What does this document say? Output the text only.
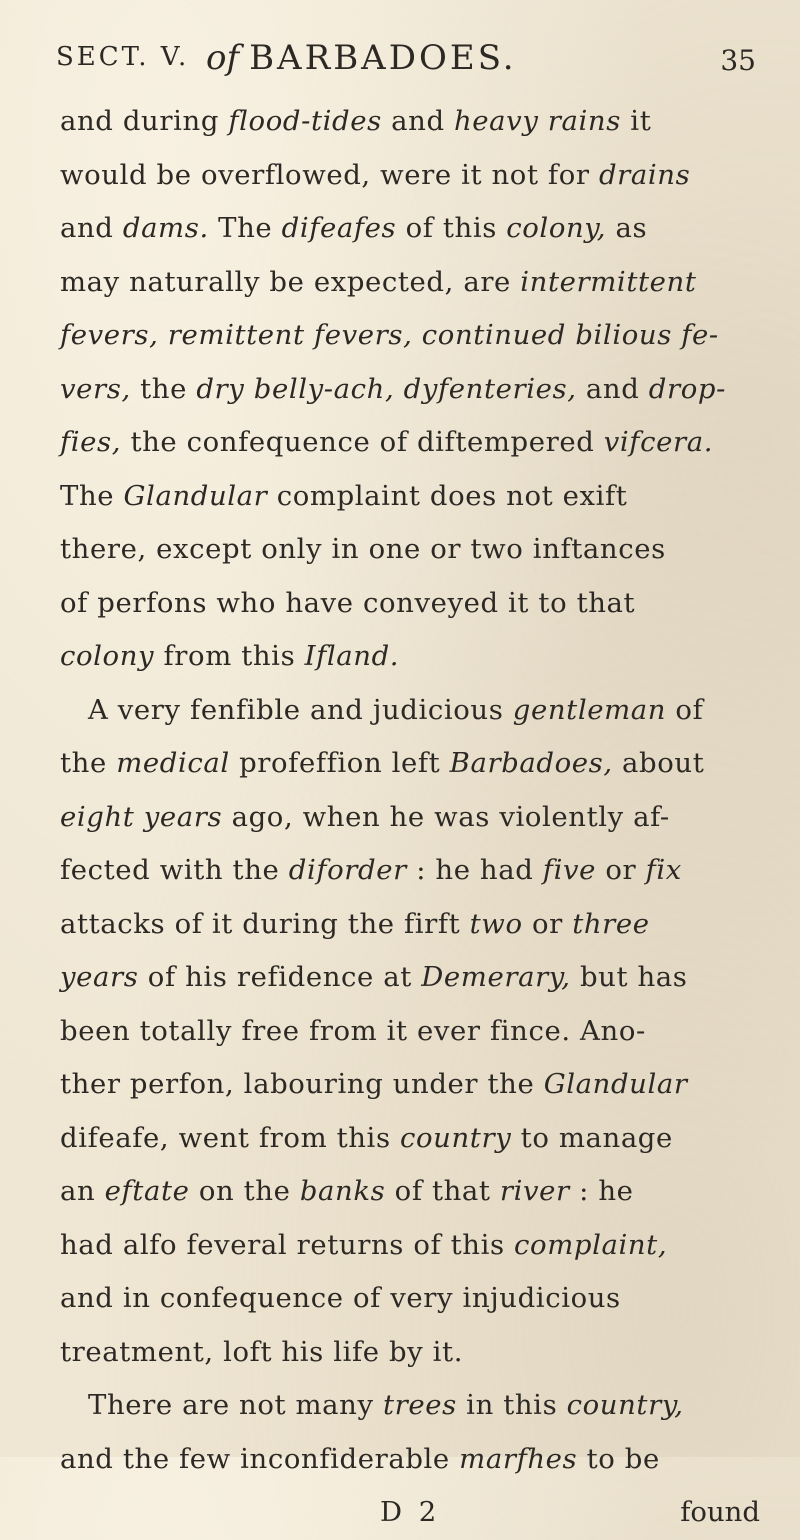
SECT. V. of BARBADOES.	35
and during flood-tides and heavy rains it
would be overflowed, were it not for drains
and dams. The difeafes of this colony, as
may naturally be expected, are intermittent
fevers, remittent fevers, continued bilious fe-
vers, the dry belly-ach, dyfenteries, and drop-
fies, the confequence of diftempered vifcera.
The Glandular complaint does not exift
there, except only in one or two inftances
of perfons who have conveyed it to that
colony from this Ifland.
A very fenfible and judicious gentleman of
the medical profeffion left Barbadoes, about
eight years ago, when he was violently af-
fected with the diforder : he had five or fix
attacks of it during the firft two or three
years of his refidence at Demerary, but has
been totally free from it ever fince. Ano-
ther perfon, labouring under the Glandular
difeafe, went from this country to manage
an eftate on the banks of that river : he
had alfo feveral returns of this complaint,
and in confequence of very injudicious
treatment, loft his life by it.
There are not many trees in this country,
and the few inconfiderable marfhes to be
D 2	found
